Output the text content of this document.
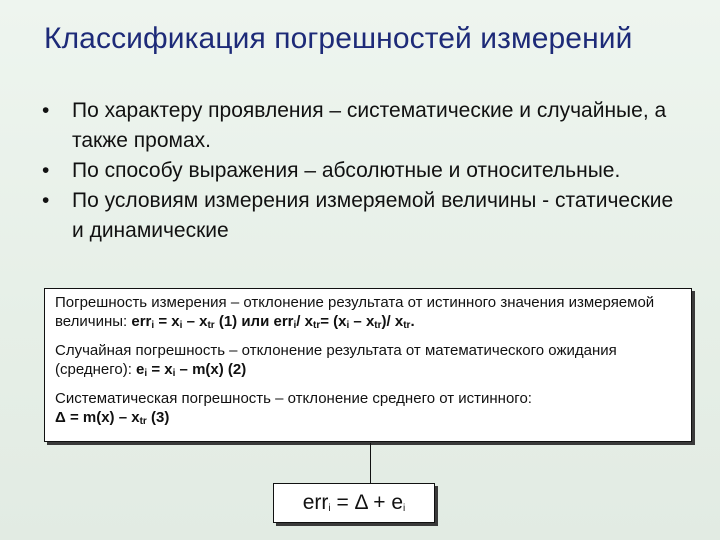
Классификация погрешностей измерений
• По характеру проявления – систематические и случайные, а также промах.
• По способу выражения – абсолютные и относительные.
• По условиям измерения измеряемой величины - статические и динамические

Погрешность измерения – отклонение результата от истинного значения измеряемой величины: $err_i = x_i - x_{tr}$ (1) или err$_i$/ $x_{tr}= (x_i - x_{tr})/$ $x_{tr}$.

Случайная погрешность – отклонение результата от математического ожидания (среднего): $e_i = x_i - m(x)$ (2)

Систематическая погрешность – отклонение среднего от истинного:
$\Delta = m(x) - x_{tr}$ (3)

$err_i = \Delta + e_i$
